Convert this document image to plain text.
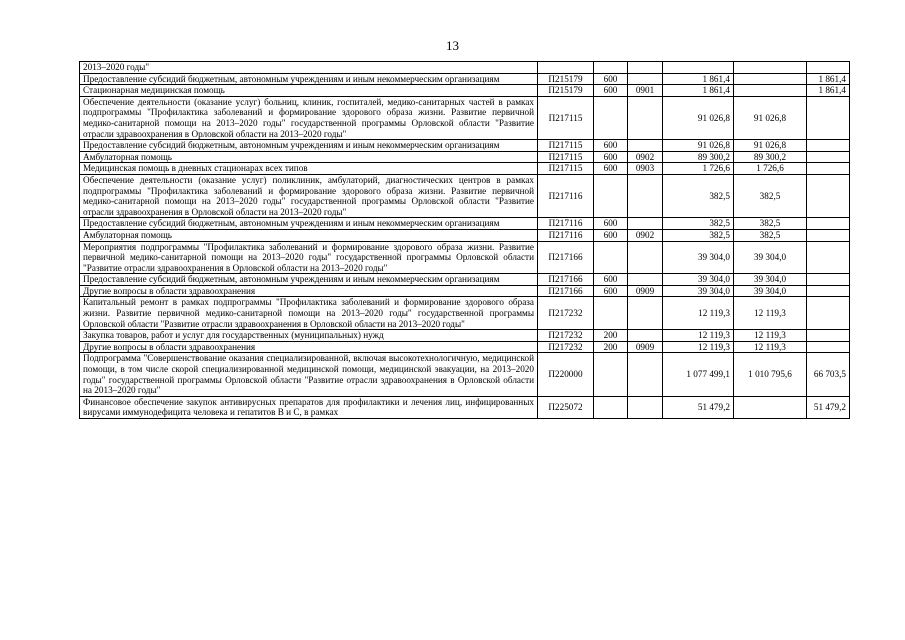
13
2013–2020 годы"						
Предоставление субсидий бюджетным, автономным учреждениям и иным некоммерческим организациям	П215179	600		1 861,4		1 861,4
Стационарная медицинская помощь	П215179	600	0901	1 861,4		1 861,4
Обеспечение деятельности (оказание услуг) больниц, клиник, госпиталей, медико-санитарных частей в рамках подпрограммы "Профилактика заболеваний и формирование здорового образа жизни. Развитие первичной медико-санитарной помощи на 2013–2020 годы" государственной программы Орловской области "Развитие отрасли здравоохранения в Орловской области на 2013–2020 годы"	П217115			91 026,8	91 026,8	
Предоставление субсидий бюджетным, автономным учреждениям и иным некоммерческим организациям	П217115	600		91 026,8	91 026,8	
Амбулаторная помощь	П217115	600	0902	89 300,2	89 300,2	
Медицинская помощь в дневных стационарах всех типов	П217115	600	0903	1 726,6	1 726,6	
Обеспечение деятельности (оказание услуг) поликлиник, амбулаторий, диагностических центров в рамках подпрограммы "Профилактика заболеваний и формирование здорового образа жизни. Развитие первичной медико-санитарной помощи на 2013–2020 годы" государственной программы Орловской области "Развитие отрасли здравоохранения в Орловской области на 2013–2020 годы"	П217116			382,5	382,5	
Предоставление субсидий бюджетным, автономным учреждениям и иным некоммерческим организациям	П217116	600		382,5	382,5	
Амбулаторная помощь	П217116	600	0902	382,5	382,5	
Мероприятия подпрограммы "Профилактика заболеваний и формирование здорового образа жизни. Развитие первичной медико-санитарной помощи на 2013–2020 годы" государственной программы Орловской области "Развитие отрасли здравоохранения в Орловской области на 2013–2020 годы"	П217166			39 304,0	39 304,0	
Предоставление субсидий бюджетным, автономным учреждениям и иным некоммерческим организациям	П217166	600		39 304,0	39 304,0	
Другие вопросы в области здравоохранения	П217166	600	0909	39 304,0	39 304,0	
Капитальный ремонт в рамках подпрограммы "Профилактика заболеваний и формирование здорового образа жизни. Развитие первичной медико-санитарной помощи на 2013–2020 годы" государственной программы Орловской области "Развитие отрасли здравоохранения в Орловской области на 2013–2020 годы"	П217232			12 119,3	12 119,3	
Закупка товаров, работ и услуг для государственных (муниципальных) нужд	П217232	200		12 119,3	12 119,3	
Другие вопросы в области здравоохранения	П217232	200	0909	12 119,3	12 119,3	
Подпрограмма "Совершенствование оказания специализированной, включая высокотехнологичную, медицинской помощи, в том числе скорой специализированной медицинской помощи, медицинской эвакуации, на 2013–2020 годы" государственной программы Орловской области "Развитие отрасли здравоохранения в Орловской области на 2013–2020 годы"	П220000			1 077 499,1	1 010 795,6	66 703,5
Финансовое обеспечение закупок антивирусных препаратов для профилактики и лечения лиц, инфицированных вирусами иммунодефицита человека и гепатитов B и C, в рамках	П225072			51 479,2		51 479,2
